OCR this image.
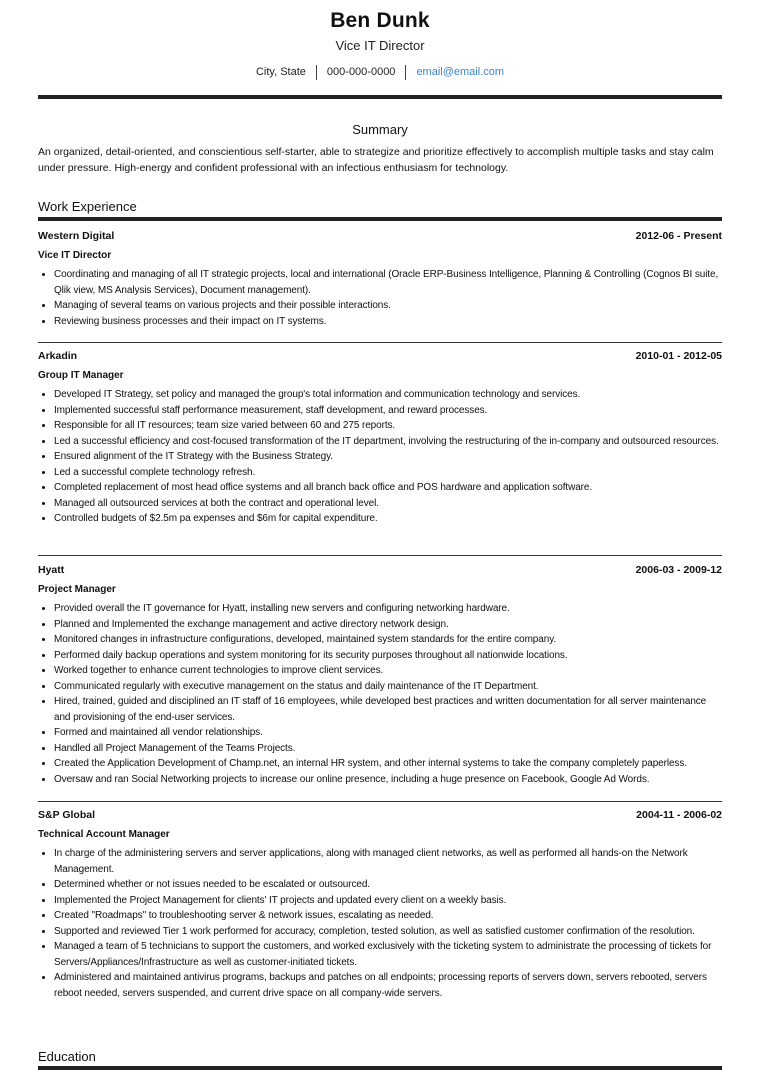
Ben Dunk
Vice IT Director
City, State	000-000-0000	email@email.com
Summary
An organized, detail-oriented, and conscientious self-starter, able to strategize and prioritize effectively to accomplish multiple tasks and stay calm under pressure. High-energy and confident professional with an infectious enthusiasm for technology.
Work Experience
Western Digital	2012-06 - Present
Vice IT Director
• Coordinating and managing of all IT strategic projects, local and international (Oracle ERP-Business Intelligence, Planning & Controlling (Cognos BI suite, Qlik view, MS Analysis Services), Document management).
• Managing of several teams on various projects and their possible interactions.
• Reviewing business processes and their impact on IT systems.
Arkadin	2010-01 - 2012-05
Group IT Manager
• Developed IT Strategy, set policy and managed the group's total information and communication technology and services.
• Implemented successful staff performance measurement, staff development, and reward processes.
• Responsible for all IT resources; team size varied between 60 and 275 reports.
• Led a successful efficiency and cost-focused transformation of the IT department, involving the restructuring of the in-company and outsourced resources.
• Ensured alignment of the IT Strategy with the Business Strategy.
• Led a successful complete technology refresh.
• Completed replacement of most head office systems and all branch back office and POS hardware and application software.
• Managed all outsourced services at both the contract and operational level.
• Controlled budgets of $2.5m pa expenses and $6m for capital expenditure.
Hyatt	2006-03 - 2009-12
Project Manager
• Provided overall the IT governance for Hyatt, installing new servers and configuring networking hardware.
• Planned and Implemented the exchange management and active directory network design.
• Monitored changes in infrastructure configurations, developed, maintained system standards for the entire company.
• Performed daily backup operations and system monitoring for its security purposes throughout all nationwide locations.
• Worked together to enhance current technologies to improve client services.
• Communicated regularly with executive management on the status and daily maintenance of the IT Department.
• Hired, trained, guided and disciplined an IT staff of 16 employees, while developed best practices and written documentation for all server maintenance and provisioning of the end-user services.
• Formed and maintained all vendor relationships.
• Handled all Project Management of the Teams Projects.
• Created the Application Development of Champ.net, an internal HR system, and other internal systems to take the company completely paperless.
• Oversaw and ran Social Networking projects to increase our online presence, including a huge presence on Facebook, Google Ad Words.
S&P Global	2004-11 - 2006-02
Technical Account Manager
• In charge of the administering servers and server applications, along with managed client networks, as well as performed all hands-on the Network Management.
• Determined whether or not issues needed to be escalated or outsourced.
• Implemented the Project Management for clients' IT projects and updated every client on a weekly basis.
• Created "Roadmaps" to troubleshooting server & network issues, escalating as needed.
• Supported and reviewed Tier 1 work performed for accuracy, completion, tested solution, as well as satisfied customer confirmation of the resolution.
• Managed a team of 5 technicians to support the customers, and worked exclusively with the ticketing system to administrate the processing of tickets for Servers/Appliances/Infrastructure as well as customer-initiated tickets.
• Administered and maintained antivirus programs, backups and patches on all endpoints; processing reports of servers down, servers rebooted, servers reboot needed, servers suspended, and current drive space on all company-wide servers.
Education
